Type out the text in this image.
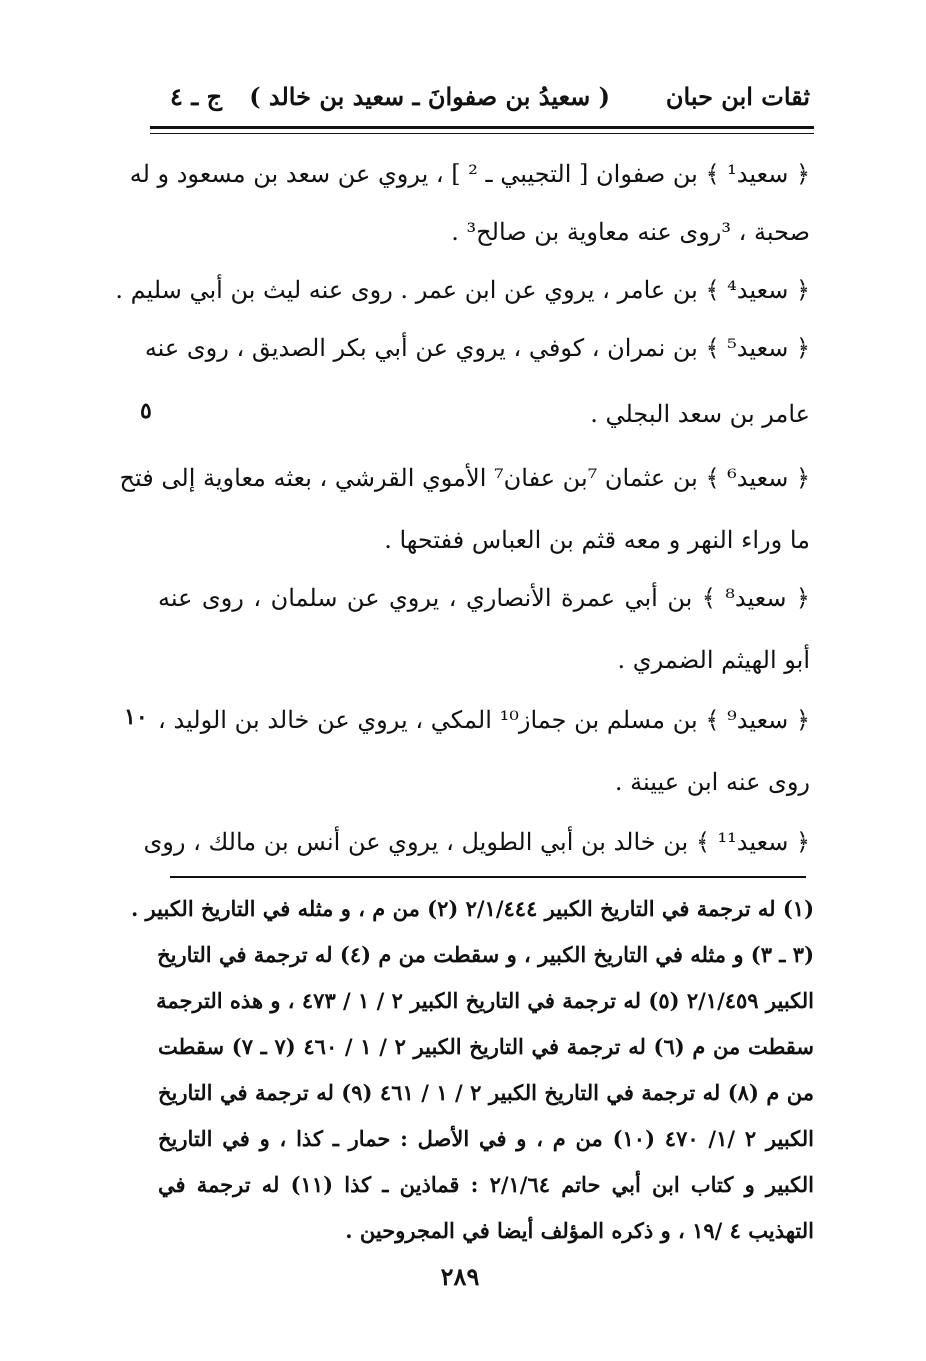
ثقات ابن حبان
( سعيدُ بن صفوانَ ـ سعيد بن خالد )
ج ـ ٤
﴿ سعيد¹ ﴾ بن صفوان [ التجيبي ـ ² ] ، يروي عن سعد بن مسعود و له
صحبة ، ³روى عنه معاوية بن صالح³ .
﴿ سعيد⁴ ﴾ بن عامر ، يروي عن ابن عمر . روى عنه ليث بن أبي سليم .
﴿ سعيد⁵ ﴾ بن نمران ، كوفي ، يروي عن أبي بكر الصديق ، روى عنه
عامر بن سعد البجلي .
﴿ سعيد⁶ ﴾ بن عثمان ⁷بن عفان⁷ الأموي القرشي ، بعثه معاوية إلى فتح
ما وراء النهر و معه قثم بن العباس ففتحها .
﴿ سعيد⁸ ﴾ بن أبي عمرة الأنصاري ، يروي عن سلمان ، روى عنه
أبو الهيثم الضمري .
﴿ سعيد⁹ ﴾ بن مسلم بن جماز¹⁰ المكي ، يروي عن خالد بن الوليد ،
روى عنه ابن عيينة .
﴿ سعيد¹¹ ﴾ بن خالد بن أبي الطويل ، يروي عن أنس بن مالك ، روى
٥
١٠
(١) له ترجمة في التاريخ الكبير ٢/١/٤٤٤ (٢) من م ، و مثله في التاريخ الكبير .
(٣ ـ ٣) و مثله في التاريخ الكبير ، و سقطت من م (٤) له ترجمة في التاريخ
الكبير ٢/١/٤٥٩ (٥) له ترجمة في التاريخ الكبير ٢ / ١ / ٤٧٣ ، و هذه الترجمة
سقطت من م (٦) له ترجمة في التاريخ الكبير ٢ / ١ / ٤٦٠ (٧ ـ ٧) سقطت
من م (٨) له ترجمة في التاريخ الكبير ٢ / ١ / ٤٦١ (٩) له ترجمة في التاريخ
الكبير ٢ /١/ ٤٧٠ (١٠) من م ، و في الأصل : حمار ـ كذا ، و في التاريخ
الكبير و كتاب ابن أبي حاتم ٢/١/٦٤ : قماذين ـ كذا (١١) له ترجمة في
التهذيب ٤ /١٩ ، و ذكره المؤلف أيضا في المجروحين .
٢٨٩
